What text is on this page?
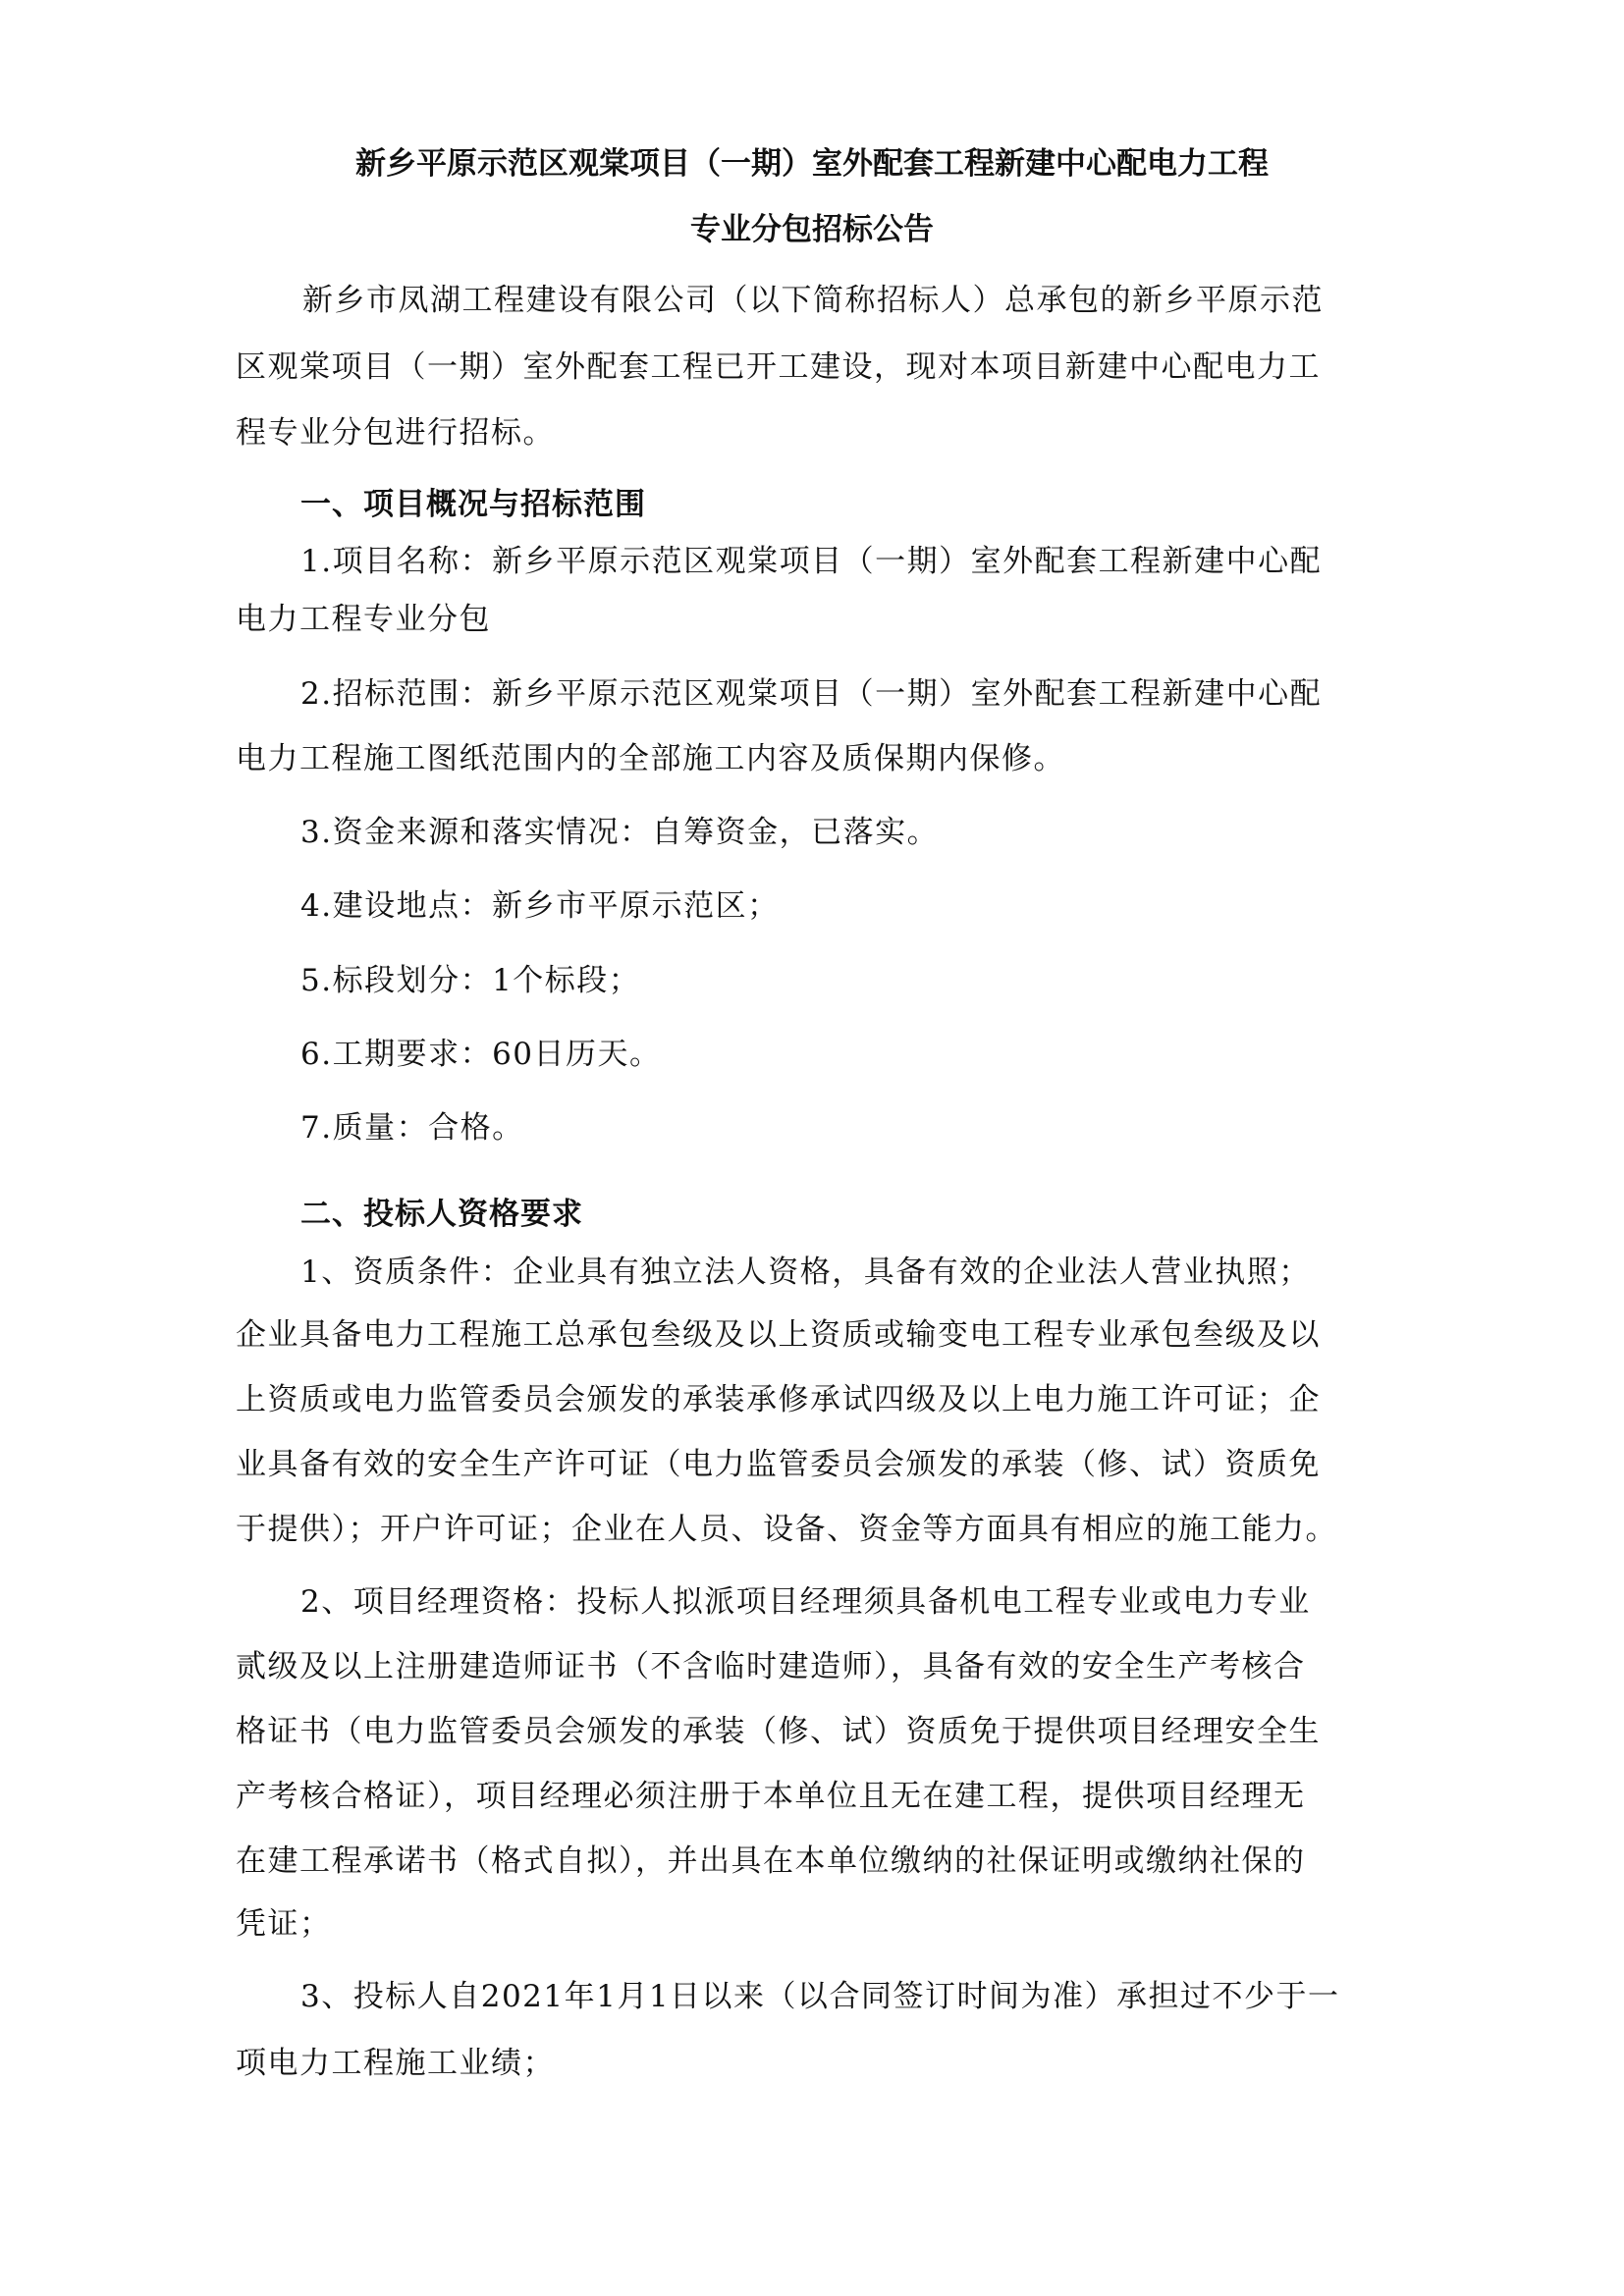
新乡平原示范区观棠项目（一期）室外配套工程新建中心配电力工程
专业分包招标公告
新乡市凤湖工程建设有限公司（以下简称招标人）总承包的新乡平原示范
区观棠项目（一期）室外配套工程已开工建设，现对本项目新建中心配电力工
程专业分包进行招标。
一、项目概况与招标范围
1.项目名称：新乡平原示范区观棠项目（一期）室外配套工程新建中心配
电力工程专业分包
2.招标范围：新乡平原示范区观棠项目（一期）室外配套工程新建中心配
电力工程施工图纸范围内的全部施工内容及质保期内保修。
3.资金来源和落实情况：自筹资金，已落实。
4.建设地点：新乡市平原示范区；
5.标段划分：1个标段；
6.工期要求：60日历天。
7.质量：合格。
二、投标人资格要求
1、资质条件：企业具有独立法人资格，具备有效的企业法人营业执照；
企业具备电力工程施工总承包叁级及以上资质或输变电工程专业承包叁级及以
上资质或电力监管委员会颁发的承装承修承试四级及以上电力施工许可证；企
业具备有效的安全生产许可证（电力监管委员会颁发的承装（修、试）资质免
于提供）；开户许可证；企业在人员、设备、资金等方面具有相应的施工能力。
2、项目经理资格：投标人拟派项目经理须具备机电工程专业或电力专业
贰级及以上注册建造师证书（不含临时建造师），具备有效的安全生产考核合
格证书（电力监管委员会颁发的承装（修、试）资质免于提供项目经理安全生
产考核合格证），项目经理必须注册于本单位且无在建工程，提供项目经理无
在建工程承诺书（格式自拟），并出具在本单位缴纳的社保证明或缴纳社保的
凭证；
3、投标人自2021年1月1日以来（以合同签订时间为准）承担过不少于一
项电力工程施工业绩；
